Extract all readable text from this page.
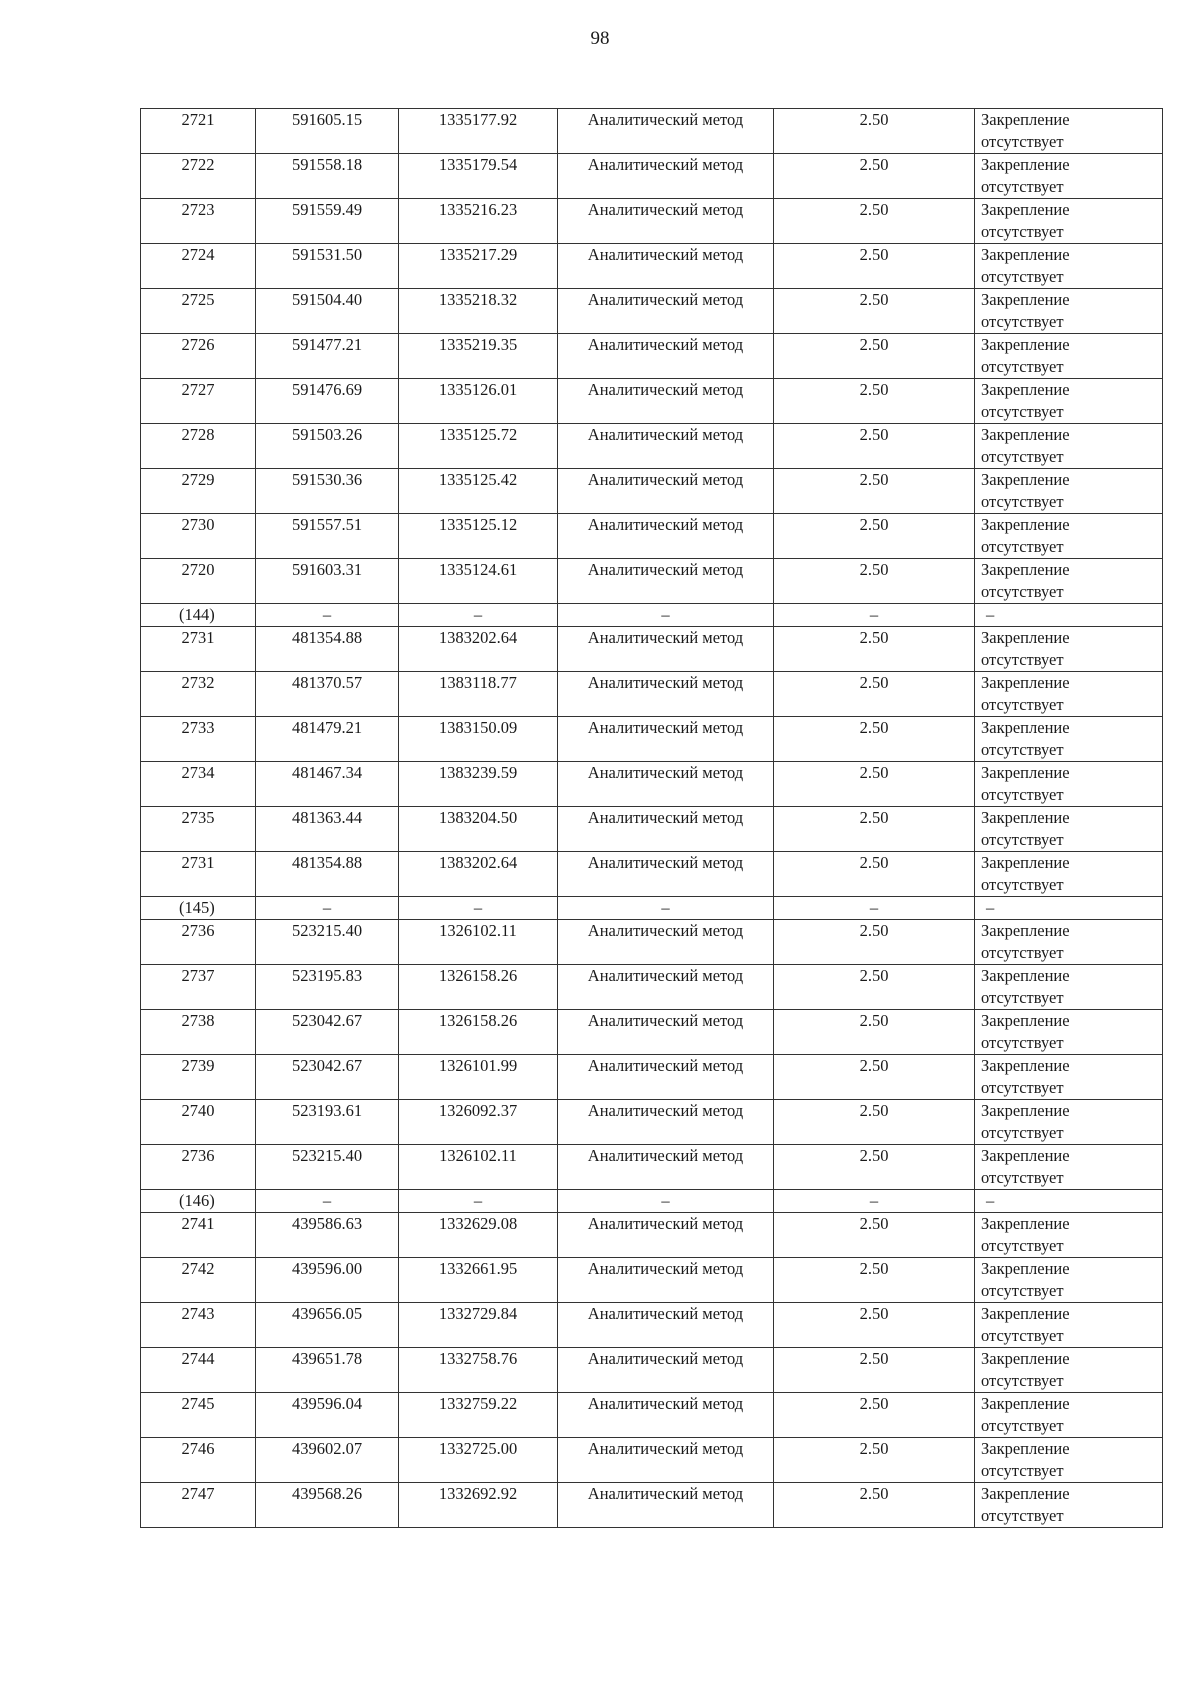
98
2721	591605.15	1335177.92	Аналитический метод	2.50	Закрепление отсутствует
2722	591558.18	1335179.54	Аналитический метод	2.50	Закрепление отсутствует
2723	591559.49	1335216.23	Аналитический метод	2.50	Закрепление отсутствует
2724	591531.50	1335217.29	Аналитический метод	2.50	Закрепление отсутствует
2725	591504.40	1335218.32	Аналитический метод	2.50	Закрепление отсутствует
2726	591477.21	1335219.35	Аналитический метод	2.50	Закрепление отсутствует
2727	591476.69	1335126.01	Аналитический метод	2.50	Закрепление отсутствует
2728	591503.26	1335125.72	Аналитический метод	2.50	Закрепление отсутствует
2729	591530.36	1335125.42	Аналитический метод	2.50	Закрепление отсутствует
2730	591557.51	1335125.12	Аналитический метод	2.50	Закрепление отсутствует
2720	591603.31	1335124.61	Аналитический метод	2.50	Закрепление отсутствует
(144)	–	–	–	–	–
2731	481354.88	1383202.64	Аналитический метод	2.50	Закрепление отсутствует
2732	481370.57	1383118.77	Аналитический метод	2.50	Закрепление отсутствует
2733	481479.21	1383150.09	Аналитический метод	2.50	Закрепление отсутствует
2734	481467.34	1383239.59	Аналитический метод	2.50	Закрепление отсутствует
2735	481363.44	1383204.50	Аналитический метод	2.50	Закрепление отсутствует
2731	481354.88	1383202.64	Аналитический метод	2.50	Закрепление отсутствует
(145)	–	–	–	–	–
2736	523215.40	1326102.11	Аналитический метод	2.50	Закрепление отсутствует
2737	523195.83	1326158.26	Аналитический метод	2.50	Закрепление отсутствует
2738	523042.67	1326158.26	Аналитический метод	2.50	Закрепление отсутствует
2739	523042.67	1326101.99	Аналитический метод	2.50	Закрепление отсутствует
2740	523193.61	1326092.37	Аналитический метод	2.50	Закрепление отсутствует
2736	523215.40	1326102.11	Аналитический метод	2.50	Закрепление отсутствует
(146)	–	–	–	–	–
2741	439586.63	1332629.08	Аналитический метод	2.50	Закрепление отсутствует
2742	439596.00	1332661.95	Аналитический метод	2.50	Закрепление отсутствует
2743	439656.05	1332729.84	Аналитический метод	2.50	Закрепление отсутствует
2744	439651.78	1332758.76	Аналитический метод	2.50	Закрепление отсутствует
2745	439596.04	1332759.22	Аналитический метод	2.50	Закрепление отсутствует
2746	439602.07	1332725.00	Аналитический метод	2.50	Закрепление отсутствует
2747	439568.26	1332692.92	Аналитический метод	2.50	Закрепление отсутствует
